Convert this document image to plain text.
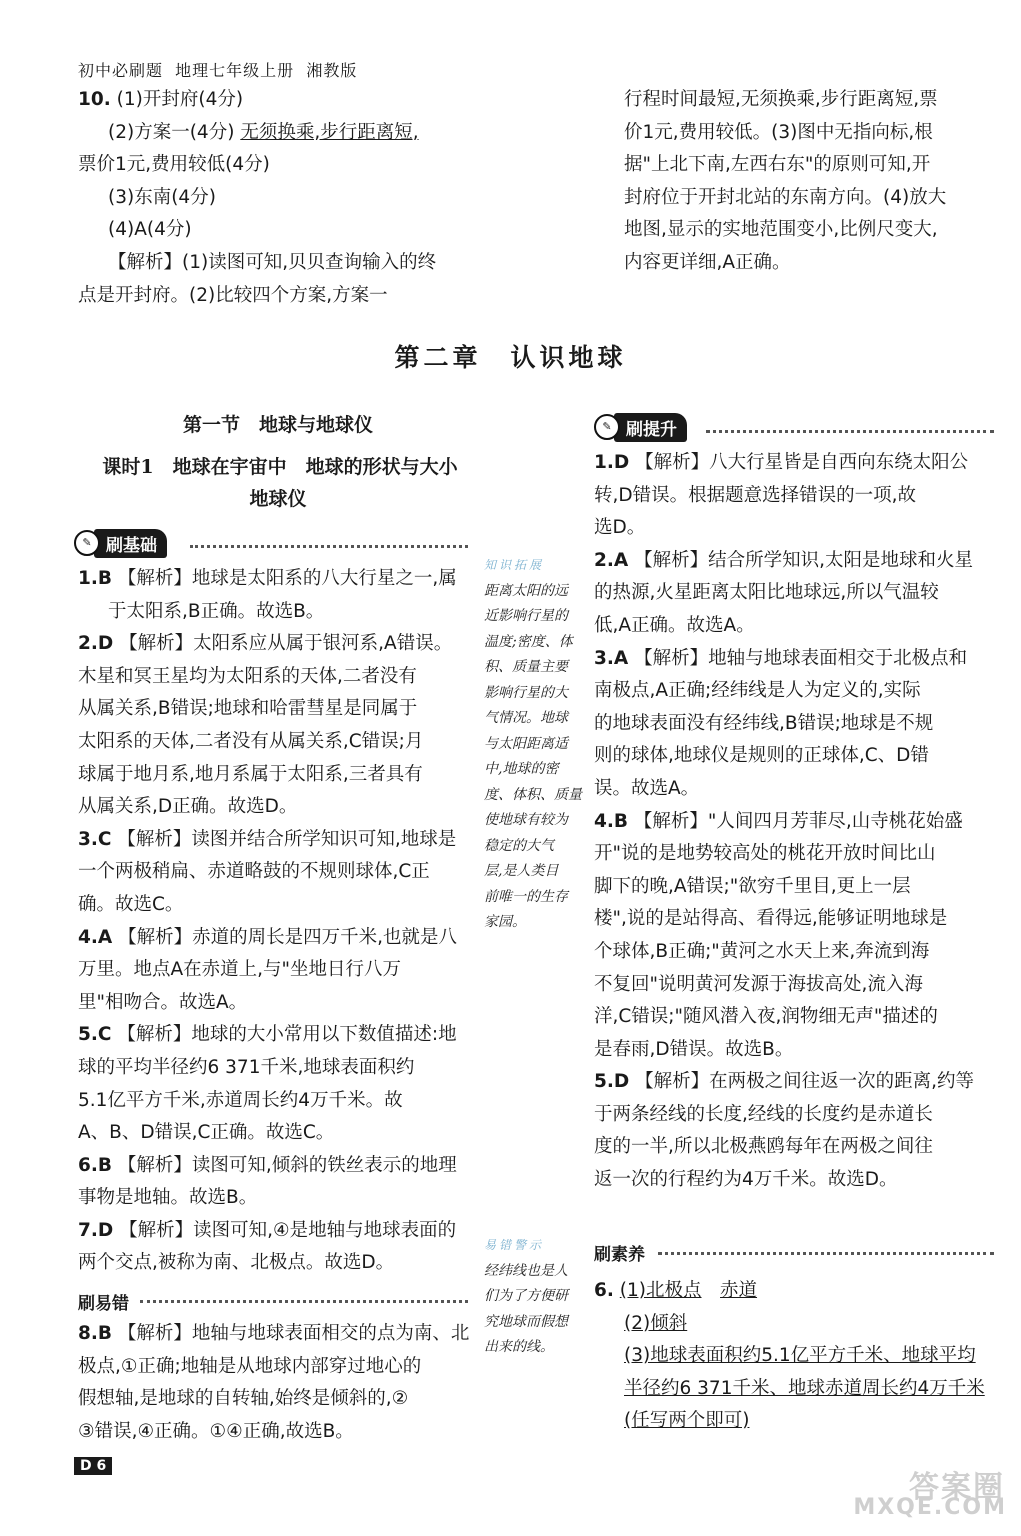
初中必刷题  地理七年级上册  湘教版

10. (1)开封府(4分)

(2)方案一(4分) 无须换乘,步行距离短,

票价1元,费用较低(4分)

(3)东南(4分)

(4)A(4分)

【解析】(1)读图可知,贝贝查询输入的终

点是开封府。(2)比较四个方案,方案一

行程时间最短,无须换乘,步行距离短,票

价1元,费用较低。(3)图中无指向标,根

据"上北下南,左西右东"的原则可知,开

封府位于开封北站的东南方向。(4)放大

地图,显示的实地范围变小,比例尺变大,

内容更详细,A正确。

第二章　认识地球
第一节　地球与地球仪
课时1　地球在宇宙中　地球的形状与大小
地球仪
✎ 刷基础
✎ 刷提升

1.B 【解析】地球是太阳系的八大行星之一,属

于太阳系,B正确。故选B。

2.D 【解析】太阳系应从属于银河系,A错误。

木星和冥王星均为太阳系的天体,二者没有

从属关系,B错误;地球和哈雷彗星是同属于

太阳系的天体,二者没有从属关系,C错误;月

球属于地月系,地月系属于太阳系,三者具有

从属关系,D正确。故选D。

3.C 【解析】读图并结合所学知识可知,地球是

一个两极稍扁、赤道略鼓的不规则球体,C正

确。故选C。

4.A 【解析】赤道的周长是四万千米,也就是八

万里。地点A在赤道上,与"坐地日行八万

里"相吻合。故选A。

5.C 【解析】地球的大小常用以下数值描述:地

球的平均半径约6 371千米,地球表面积约

5.1亿平方千米,赤道周长约4万千米。故

A、B、D错误,C正确。故选C。

6.B 【解析】读图可知,倾斜的铁丝表示的地理

事物是地轴。故选B。

7.D 【解析】读图可知,④是地轴与地球表面的

两个交点,被称为南、北极点。故选D。

刷易错

8.B 【解析】地轴与地球表面相交的点为南、北

极点,①正确;地轴是从地球内部穿过地心的

假想轴,是地球的自转轴,始终是倾斜的,②

③错误,④正确。①④正确,故选B。

知识拓展
距离太阳的远
近影响行星的
温度;密度、体
积、质量主要
影响行星的大
气情况。地球
与太阳距离适
中,地球的密
度、体积、质量
使地球有较为
稳定的大气
层,是人类目
前唯一的生存
家园。
易错警示
经纬线也是人
们为了方便研
究地球而假想
出来的线。

1.D 【解析】八大行星皆是自西向东绕太阳公

转,D错误。根据题意选择错误的一项,故

选D。

2.A 【解析】结合所学知识,太阳是地球和火星

的热源,火星距离太阳比地球远,所以气温较

低,A正确。故选A。

3.A 【解析】地轴与地球表面相交于北极点和

南极点,A正确;经纬线是人为定义的,实际

的地球表面没有经纬线,B错误;地球是不规

则的球体,地球仪是规则的正球体,C、D错

误。故选A。

4.B 【解析】"人间四月芳菲尽,山寺桃花始盛

开"说的是地势较高处的桃花开放时间比山

脚下的晚,A错误;"欲穷千里目,更上一层

楼",说的是站得高、看得远,能够证明地球是

个球体,B正确;"黄河之水天上来,奔流到海

不复回"说明黄河发源于海拔高处,流入海

洋,C错误;"随风潜入夜,润物细无声"描述的

是春雨,D错误。故选B。

5.D 【解析】在两极之间往返一次的距离,约等

于两条经线的长度,经线的长度约是赤道长

度的一半,所以北极燕鸥每年在两极之间往

返一次的行程约为4万千米。故选D。

刷素养

6. (1)北极点　 赤道

(2)倾斜

(3)地球表面积约5.1亿平方千米、地球平均

半径约6 371千米、地球赤道周长约4万千米

(任写两个即可)

D 6
答案圈
MXQE.COM
